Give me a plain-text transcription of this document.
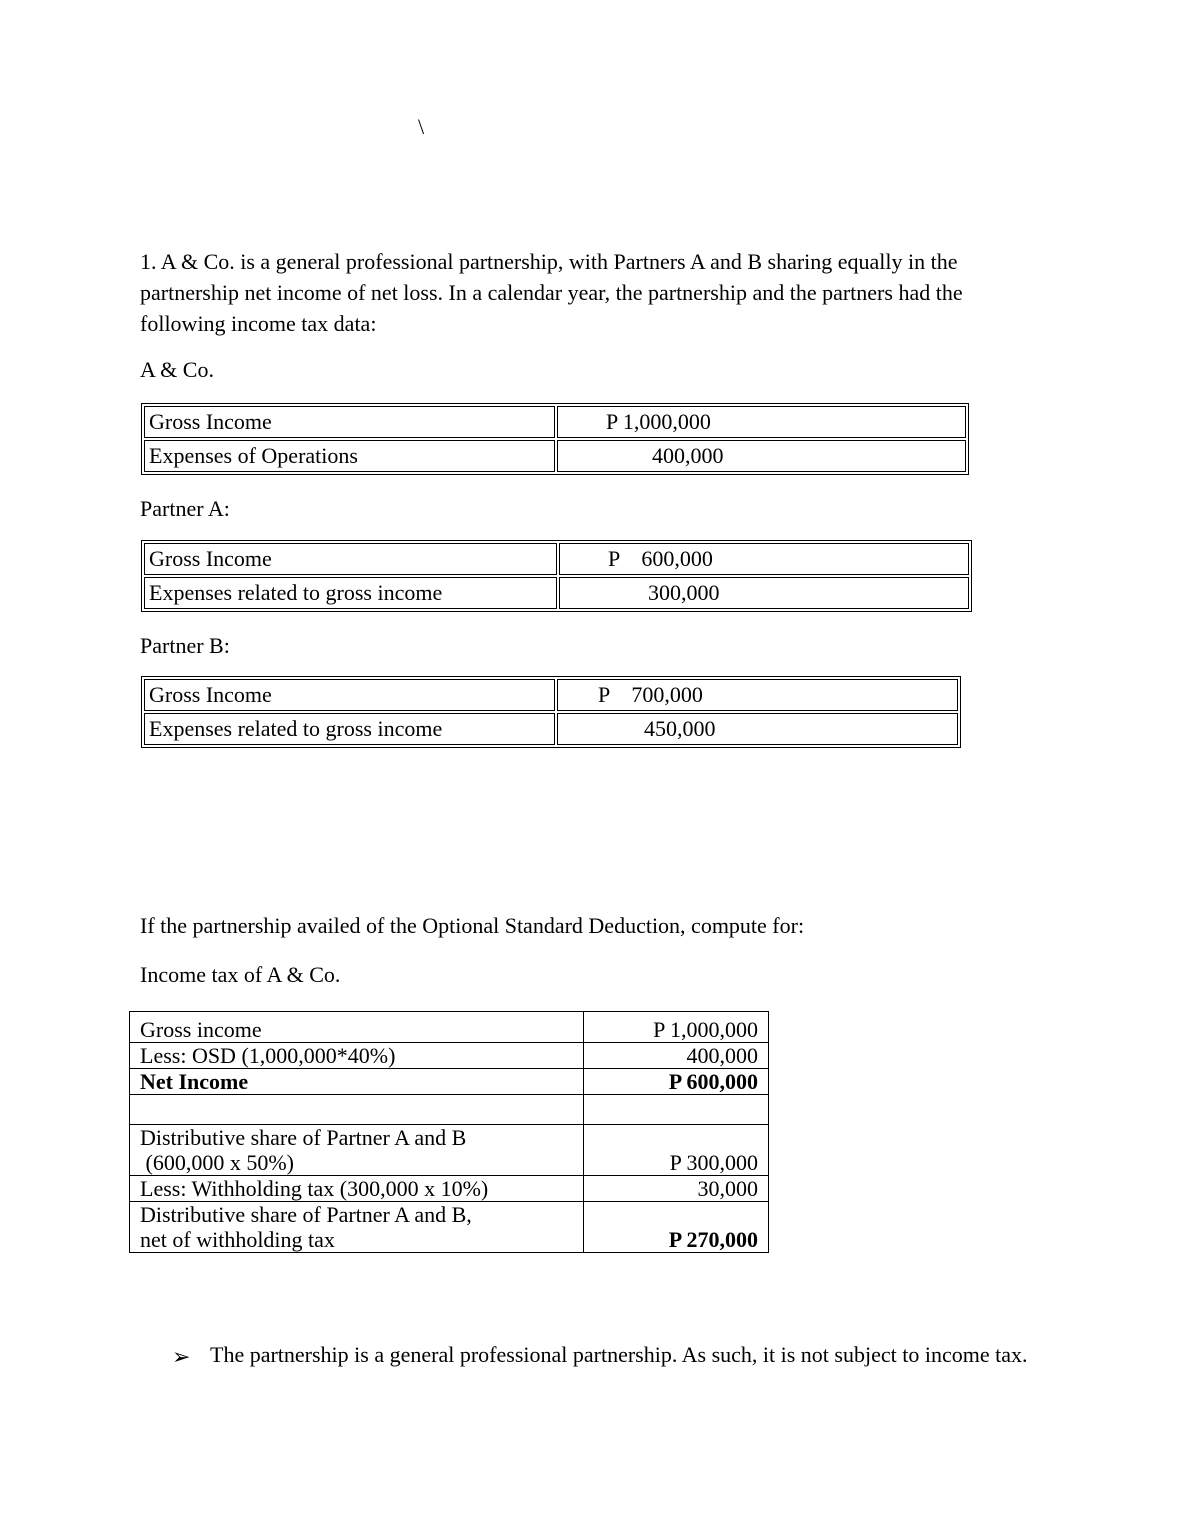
\
1. A & Co. is a general professional partnership, with Partners A and B sharing equally in the partnership net income of net loss. In a calendar year, the partnership and the partners had the following income tax data:
A & Co.
Gross Income	P 1,000,000
Expenses of Operations	400,000
Partner A:
Gross Income	P    600,000
Expenses related to gross income	300,000
Partner B:
Gross Income	P    700,000
Expenses related to gross income	450,000
If the partnership availed of the Optional Standard Deduction, compute for:
Income tax of A & Co.
Gross income	P 1,000,000
Less: OSD (1,000,000*40%)	400,000
Net Income	P 600,000

Distributive share of Partner A and B
(600,000 x 50%)	P 300,000
Less: Withholding tax (300,000 x 10%)	30,000

Distributive share of Partner A and B,
net of withholding tax	P 270,000
➢ The partnership is a general professional partnership. As such, it is not subject to income tax.
